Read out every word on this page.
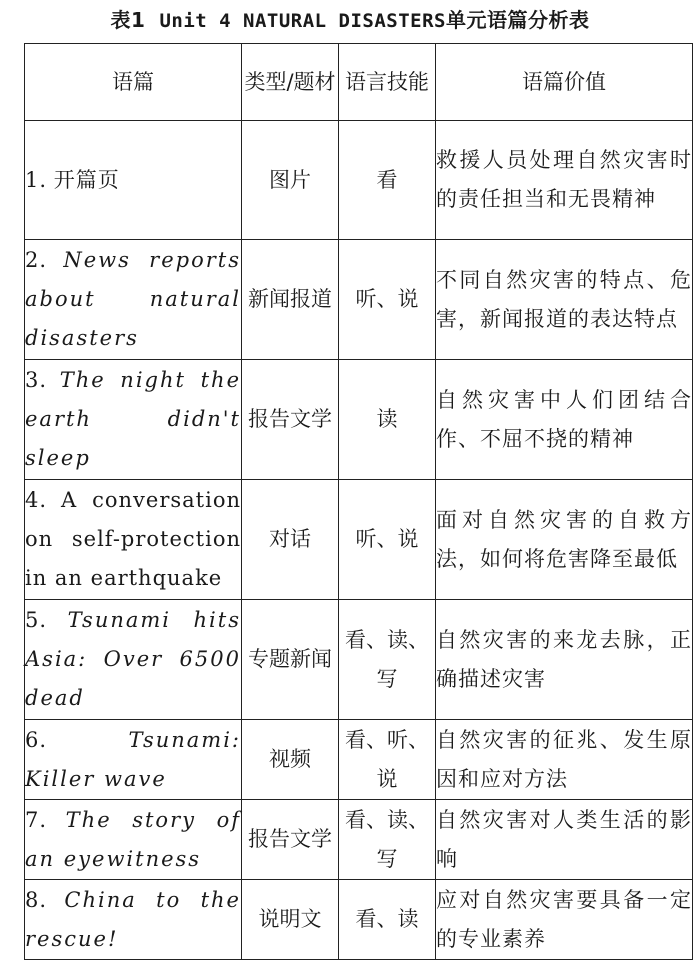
表1 Unit 4 NATURAL DISASTERS单元语篇分析表
语篇	类型/题材	语言技能	语篇价值
1. 开篇页	图片	看	救援人员处理自然灾害时的责任担当和无畏精神
2. News reports about natural disasters	新闻报道	听、说	不同自然灾害的特点、危害，新闻报道的表达特点
3. The night the earth didn't sleep	报告文学	读	自然灾害中人们团结合作、不屈不挠的精神
4. A conversation on self-protection in an earthquake	对话	听、说	面对自然灾害的自救方法，如何将危害降至最低
5. Tsunami hits Asia: Over 6500 dead	专题新闻	看、读、写	自然灾害的来龙去脉，正确描述灾害
6. Tsunami: Killer wave	视频	看、听、说	自然灾害的征兆、发生原因和应对方法
7. The story of an eyewitness	报告文学	看、读、写	自然灾害对人类生活的影响
8. China to the rescue!	说明文	看、读	应对自然灾害要具备一定的专业素养
